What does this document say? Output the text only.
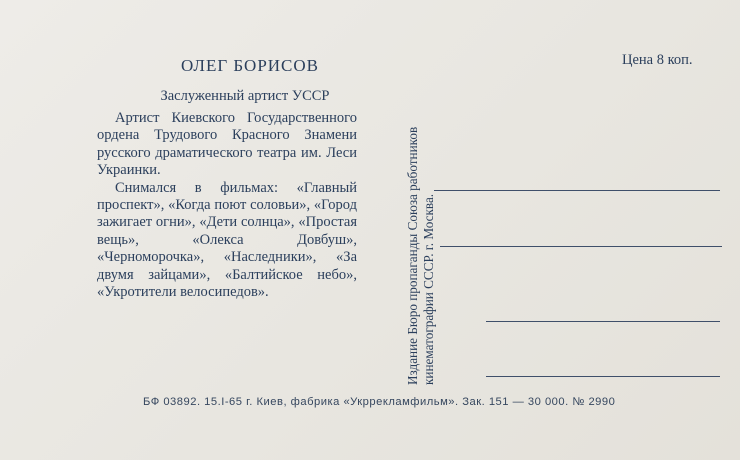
ОЛЕГ БОРИСОВ
Заслуженный артист УССР

Артист Киевского Государственного ордена Трудового Красного Знамени русского драматического театра им. Леси Украинки.

Снимался в фильмах: «Главный проспект», «Когда поют соловьи», «Город зажигает огни», «Дети солнца», «Простая вещь», «Олекса Довбуш», «Черноморочка», «Наследники», «За двумя зайцами», «Балтийское небо», «Укротители велосипедов».

Цена 8 коп.
Издание Бюро пропаганды Союза работников кинематографии СССР. г. Москва.
БФ 03892. 15.I-65 г. Киев, фабрика «Укррекламфильм». Зак. 151 — 30 000. № 2990
